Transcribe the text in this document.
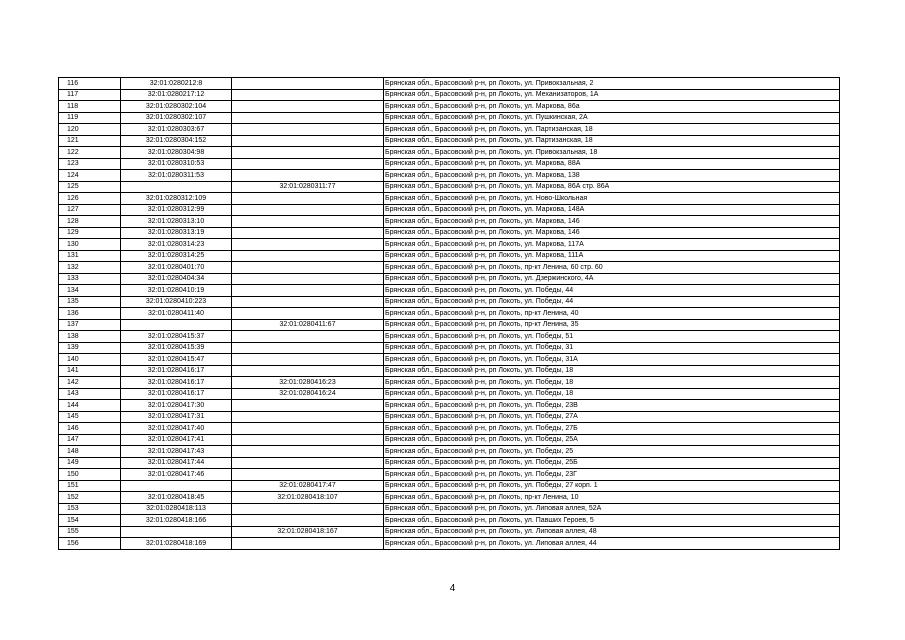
116	32:01:0280212:8		Брянская обл., Брасовский р-н, рп Локоть, ул. Привокзальная, 2
117	32:01:0280217:12		Брянская обл., Брасовский р-н, рп Локоть, ул. Механизаторов, 1А
118	32:01:0280302:104		Брянская обл., Брасовский р-н, рп Локоть, ул. Маркова, 86а
119	32:01:0280302:107		Брянская обл., Брасовский р-н, рп Локоть, ул. Пушкинская, 2А
120	32:01:0280303:67		Брянская обл., Брасовский р-н, рп Локоть, ул. Партизанская, 18
121	32:01:0280304:152		Брянская обл., Брасовский р-н, рп Локоть, ул. Партизанская, 18
122	32:01:0280304:98		Брянская обл., Брасовский р-н, рп Локоть, ул. Привокзальная, 18
123	32:01:0280310:53		Брянская обл., Брасовский р-н, рп Локоть, ул. Маркова, 88А
124	32:01:0280311:53		Брянская обл., Брасовский р-н, рп Локоть, ул. Маркова, 138
125		32:01:0280311:77	Брянская обл., Брасовский р-н, рп Локоть, ул. Маркова, 86А стр. 86А
126	32:01:0280312:109		Брянская обл., Брасовский р-н, рп Локоть, ул. Ново-Школьная
127	32:01:0280312:99		Брянская обл., Брасовский р-н, рп Локоть, ул. Маркова, 148А
128	32:01:0280313:10		Брянская обл., Брасовский р-н, рп Локоть, ул. Маркова, 146
129	32:01:0280313:19		Брянская обл., Брасовский р-н, рп Локоть, ул. Маркова, 146
130	32:01:0280314:23		Брянская обл., Брасовский р-н, рп Локоть, ул. Маркова, 117А
131	32:01:0280314:25		Брянская обл., Брасовский р-н, рп Локоть, ул. Маркова, 111А
132	32:01:0280401:70		Брянская обл., Брасовский р-н, рп Локоть, пр-кт Ленина, 60 стр. 60
133	32:01:0280404:34		Брянская обл., Брасовский р-н, рп Локоть, ул. Дзержинского, 4А
134	32:01:0280410:19		Брянская обл., Брасовский р-н, рп Локоть, ул. Победы, 44
135	32:01:0280410:223		Брянская обл., Брасовский р-н, рп Локоть, ул. Победы, 44
136	32:01:0280411:40		Брянская обл., Брасовский р-н, рп Локоть, пр-кт Ленина, 40
137		32:01:0280411:67	Брянская обл., Брасовский р-н, рп Локоть, пр-кт Ленина, 35
138	32:01:0280415:37		Брянская обл., Брасовский р-н, рп Локоть, ул. Победы, 51
139	32:01:0280415:39		Брянская обл., Брасовский р-н, рп Локоть, ул. Победы, 31
140	32:01:0280415:47		Брянская обл., Брасовский р-н, рп Локоть, ул. Победы, 31А
141	32:01:0280416:17		Брянская обл., Брасовский р-н, рп Локоть, ул. Победы, 18
142	32:01:0280416:17	32:01:0280416:23	Брянская обл., Брасовский р-н, рп Локоть, ул. Победы, 18
143	32:01:0280416:17	32:01:0280416:24	Брянская обл., Брасовский р-н, рп Локоть, ул. Победы, 18
144	32:01:0280417:30		Брянская обл., Брасовский р-н, рп Локоть, ул. Победы, 23В
145	32:01:0280417:31		Брянская обл., Брасовский р-н, рп Локоть, ул. Победы, 27А
146	32:01:0280417:40		Брянская обл., Брасовский р-н, рп Локоть, ул. Победы, 27Б
147	32:01:0280417:41		Брянская обл., Брасовский р-н, рп Локоть, ул. Победы, 25А
148	32:01:0280417:43		Брянская обл., Брасовский р-н, рп Локоть, ул. Победы, 25
149	32:01:0280417:44		Брянская обл., Брасовский р-н, рп Локоть, ул. Победы, 25Б
150	32:01:0280417:46		Брянская обл., Брасовский р-н, рп Локоть, ул. Победы, 23Г
151		32:01:0280417:47	Брянская обл., Брасовский р-н, рп Локоть, ул. Победы, 27 корп. 1
152	32:01:0280418:45	32:01:0280418:107	Брянская обл., Брасовский р-н, рп Локоть, пр-кт Ленина, 10
153	32:01:0280418:113		Брянская обл., Брасовский р-н, рп Локоть, ул. Липовая аллея, 52А
154	32:01:0280418:166		Брянская обл., Брасовский р-н, рп Локоть, ул. Павших Героев, 5
155		32:01:0280418:167	Брянская обл., Брасовский р-н, рп Локоть, ул. Липовая аллея, 48
156	32:01:0280418:169		Брянская обл., Брасовский р-н, рп Локоть, ул. Липовая аллея, 44
4
